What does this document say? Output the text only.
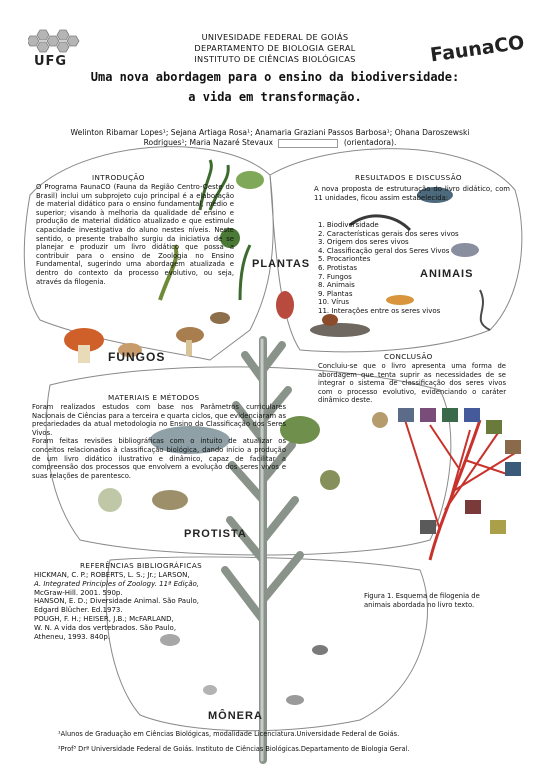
UFG	FaunaCO
UNIVESIDADE FEDERAL DE GOIÁS
DEPARTAMENTO DE BIOLOGIA GERAL
INSTITUTO DE CIÊNCIAS BIOLÓGICAS
Uma nova abordagem para o ensino da biodiversidade:
a vida em transformação.
Welinton Ribamar Lopes¹; Sejana Artiaga Rosa¹; Anamaria Graziani Passos Barbosa¹; Ohana Daroszewski
Rodrigues¹; Maria Nazaré Stevaux	(orientadora).
INTRODUÇÃO
O Programa FaunaCO (Fauna da Região Centro-Oeste do Brasil) inclui um subprojeto cujo principal é a elaboração de material didático para o ensino fundamental, médio e superior; visando à melhoria da qualidade de ensino e produção de material didático atualizado e que estimule capacidade investigativa do aluno nestes níveis. Neste sentido, o presente trabalho surgiu da iniciativa de se planejar e produzir um livro didático que possa a contribuir para o ensino de Zoologia no Ensino Fundamental, sugerindo uma abordagem atualizada e dentro do contexto da processo evolutivo, ou seja, através da filogenia.
RESULTADOS E DISCUSSÃO
A nova proposta de estruturação do livro didático, com 11 unidades, ficou assim estabelecida:
1. Biodiversidade
2. Características gerais dos seres vivos
3. Origem dos seres vivos
4. Classificação geral dos Seres Vivos
5. Procariontes
6. Protistas
7. Fungos
8. Animais
9. Plantas
10. Vírus
11. Interações entre os seres vivos
CONCLUSÃO
Concluiu-se que o livro apresenta uma forma de abordagem que tenta suprir as necessidades de se integrar o sistema de classificação dos seres vivos com o processo evolutivo, evidenciando o caráter dinâmico deste.
MATERIAIS E MÉTODOS
Foram realizados estudos com base nos Parâmetros curriculares Nacionais de Ciências para a terceira e quarta ciclos, que evidenciaram as precariedades da atual metodologia no Ensino da Classificação dos Seres Vivos.
Foram feitas revisões bibliográficas com o intuito de atualizar os conceitos relacionados à classificação biológica, dando início a produção de um livro didático ilustrativo e dinâmico, capaz de facilitar a compreensão dos processos que envolvem a evolução dos seres vivos e suas relações de parentesco.
REFERÊNCIAS BIBLIOGRÁFICAS
HICKMAN, C. P.; ROBERTS, L. S.; Jr.; LARSON,
A. Integrated Principles of Zoology. 11ª Edição,
McGraw-Hill. 2001. 590p.
HANSON, E. D.; Diversidade Animal. São Paulo,
Edgard Blücher. Ed.1973.
POUGH, F. H.; HEISER, J.B.; McFARLAND,
W. N. A vida dos vertebrados. São Paulo,
Atheneu, 1993. 840p.
Figura 1. Esquema de filogenia de animais abordada no livro texto.
PLANTAS
ANIMAIS
FUNGOS
PROTISTA
MÔNERA
¹Alunos de Graduação em Ciências Biológicas, modalidade Licenciatura.Universidade Federal de Goiás.
²Prof³ Drª Universidade Federal de Goiás. Instituto de Ciências Biológicas.Departamento de Biologia Geral.
